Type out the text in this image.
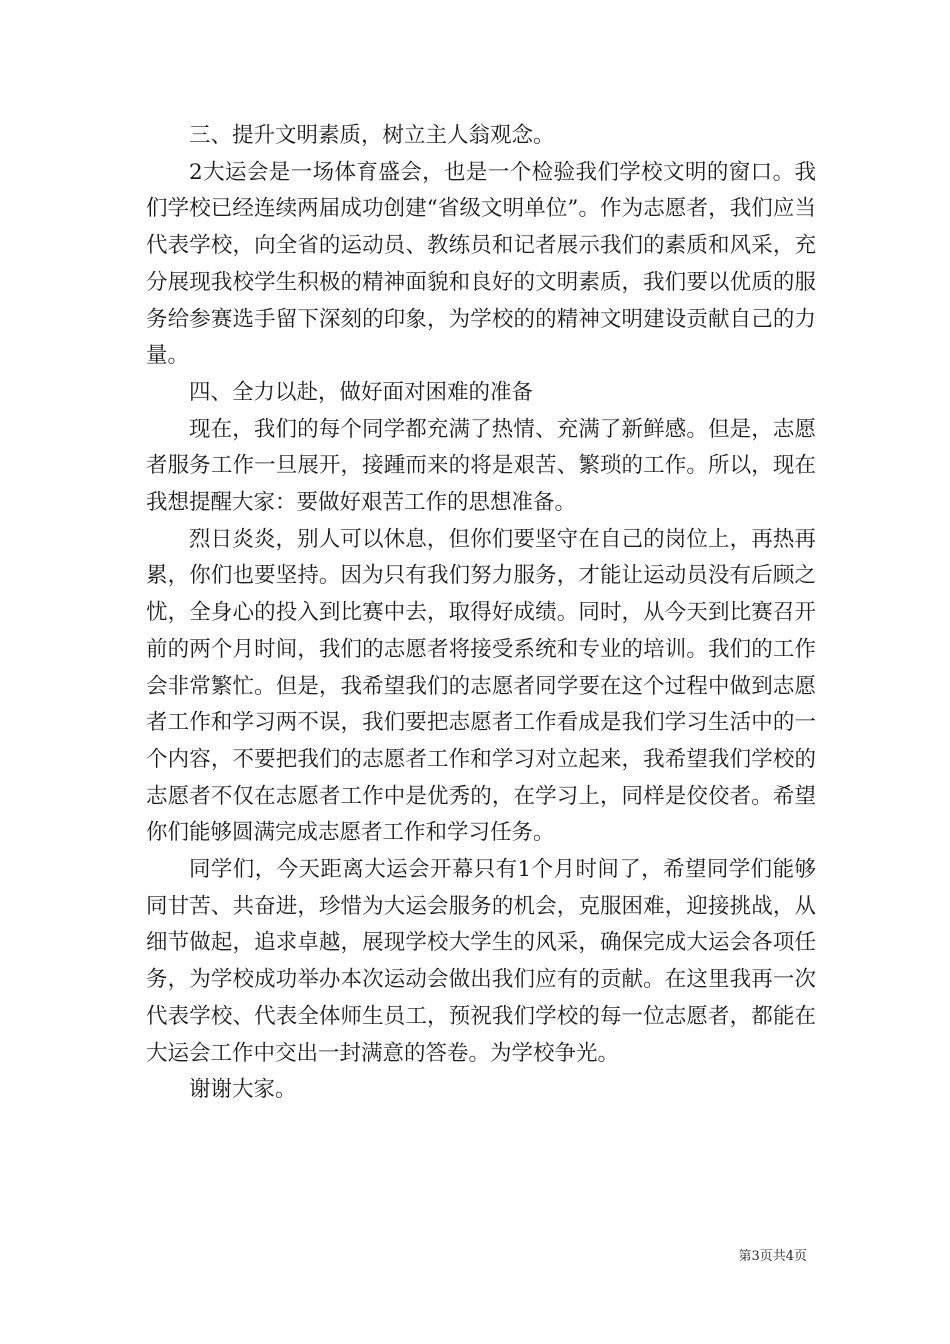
三、提升文明素质，树立主人翁观念。

2大运会是一场体育盛会，也是一个检验我们学校文明的窗口。我们学校已经连续两届成功创建“省级文明单位”。作为志愿者，我们应当代表学校，向全省的运动员、教练员和记者展示我们的素质和风采，充分展现我校学生积极的精神面貌和良好的文明素质，我们要以优质的服务给参赛选手留下深刻的印象，为学校的的精神文明建设贡献自己的力量。

四、全力以赴，做好面对困难的准备

现在，我们的每个同学都充满了热情、充满了新鲜感。但是，志愿者服务工作一旦展开，接踵而来的将是艰苦、繁琐的工作。所以，现在我想提醒大家：要做好艰苦工作的思想准备。

烈日炎炎，别人可以休息，但你们要坚守在自己的岗位上，再热再累，你们也要坚持。因为只有我们努力服务，才能让运动员没有后顾之忧，全身心的投入到比赛中去，取得好成绩。同时，从今天到比赛召开前的两个月时间，我们的志愿者将接受系统和专业的培训。我们的工作会非常繁忙。但是，我希望我们的志愿者同学要在这个过程中做到志愿者工作和学习两不误，我们要把志愿者工作看成是我们学习生活中的一个内容，不要把我们的志愿者工作和学习对立起来，我希望我们学校的志愿者不仅在志愿者工作中是优秀的，在学习上，同样是佼佼者。希望你们能够圆满完成志愿者工作和学习任务。

同学们，今天距离大运会开幕只有1个月时间了，希望同学们能够同甘苦、共奋进，珍惜为大运会服务的机会，克服困难，迎接挑战，从细节做起，追求卓越，展现学校大学生的风采，确保完成大运会各项任务，为学校成功举办本次运动会做出我们应有的贡献。在这里我再一次代表学校、代表全体师生员工，预祝我们学校的每一位志愿者，都能在大运会工作中交出一封满意的答卷。为学校争光。

谢谢大家。

第3页共4页
